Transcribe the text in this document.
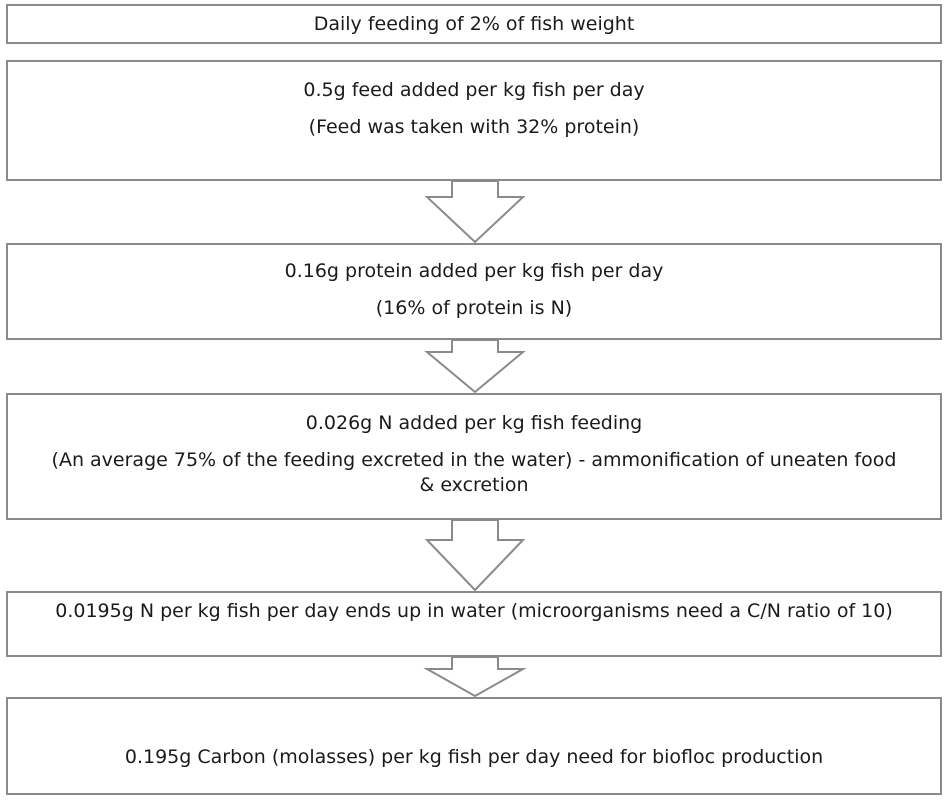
Daily feeding of 2% of fish weight

0.5g feed added per kg fish per day

(Feed was taken with 32% protein)

0.16g protein added per kg fish per day

(16% of protein is N)

0.026g N added per kg fish feeding

(An average 75% of the feeding excreted in the water) - ammonification of uneaten food & excretion

0.0195g N per kg fish per day ends up in water (microorganisms need a C/N ratio of 10)

0.195g Carbon (molasses) per kg fish per day need for biofloc production
